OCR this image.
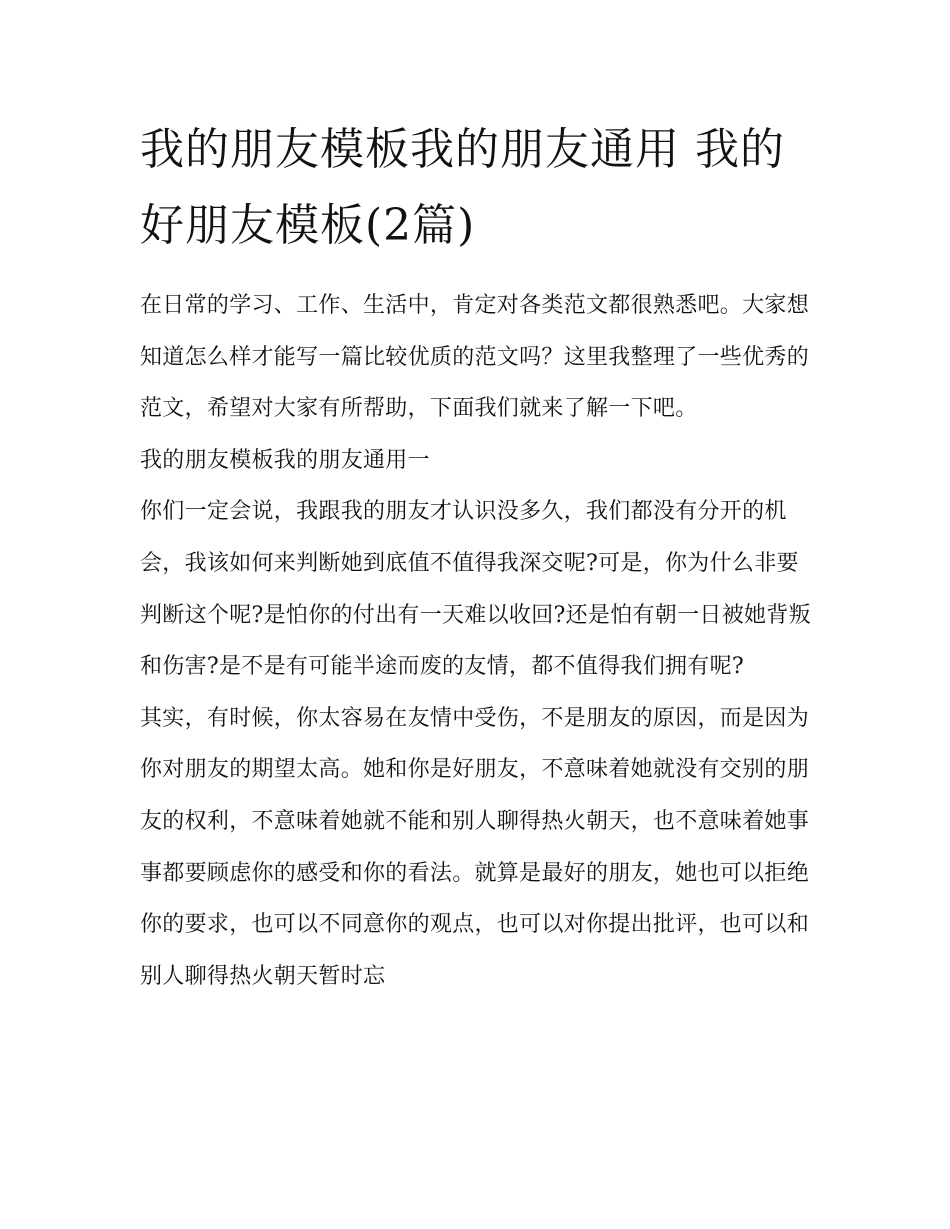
我的朋友模板我的朋友通用 我的好朋友模板(2篇)

在日常的学习、工作、生活中，肯定对各类范文都很熟悉吧。大家想知道怎么样才能写一篇比较优质的范文吗？这里我整理了一些优秀的范文，希望对大家有所帮助，下面我们就来了解一下吧。

我的朋友模板我的朋友通用一

你们一定会说，我跟我的朋友才认识没多久，我们都没有分开的机会，我该如何来判断她到底值不值得我深交呢?可是，你为什么非要判断这个呢?是怕你的付出有一天难以收回?还是怕有朝一日被她背叛和伤害?是不是有可能半途而废的友情，都不值得我们拥有呢?

其实，有时候，你太容易在友情中受伤，不是朋友的原因，而是因为你对朋友的期望太高。她和你是好朋友，不意味着她就没有交别的朋友的权利，不意味着她就不能和别人聊得热火朝天，也不意味着她事事都要顾虑你的感受和你的看法。就算是最好的朋友，她也可以拒绝你的要求，也可以不同意你的观点，也可以对你提出批评，也可以和别人聊得热火朝天暂时忘
